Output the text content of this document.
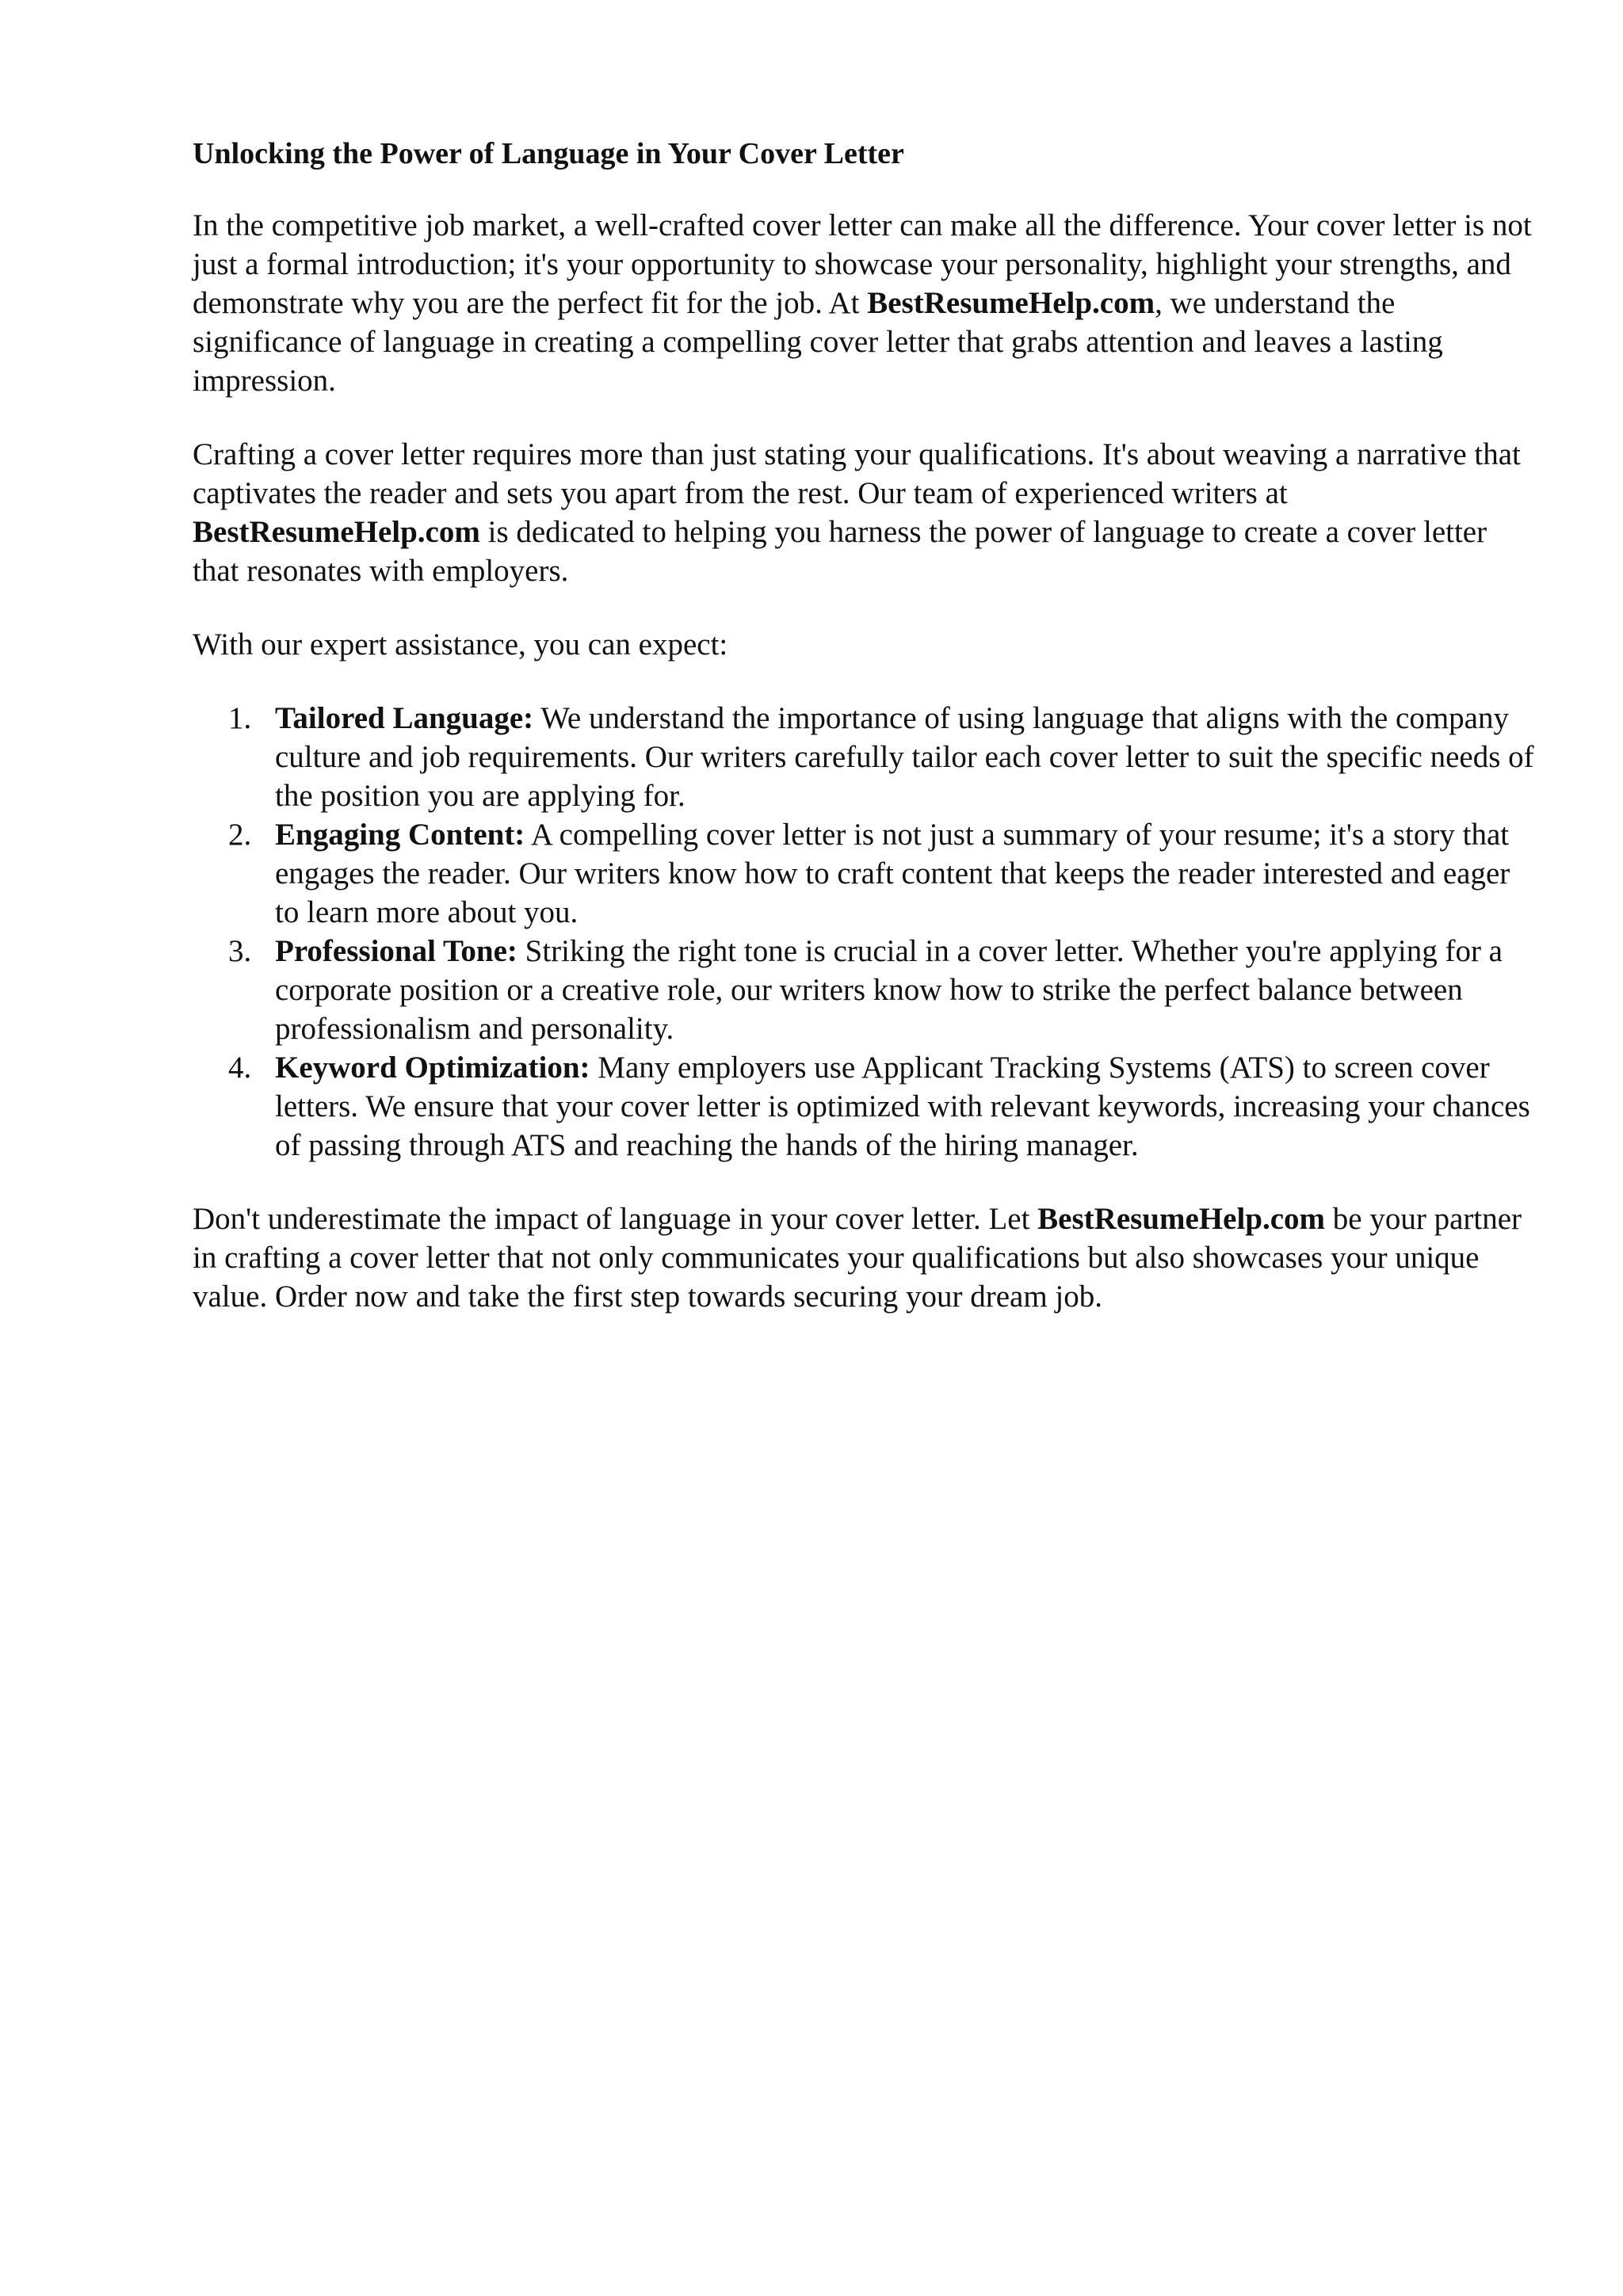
Unlocking the Power of Language in Your Cover Letter

In the competitive job market, a well-crafted cover letter can make all the difference. Your cover letter is not just a formal introduction; it's your opportunity to showcase your personality, highlight your strengths, and demonstrate why you are the perfect fit for the job. At BestResumeHelp.com, we understand the significance of language in creating a compelling cover letter that grabs attention and leaves a lasting impression.

Crafting a cover letter requires more than just stating your qualifications. It's about weaving a narrative that captivates the reader and sets you apart from the rest. Our team of experienced writers at BestResumeHelp.com is dedicated to helping you harness the power of language to create a cover letter that resonates with employers.

With our expert assistance, you can expect:

1. Tailored Language: We understand the importance of using language that aligns with the company culture and job requirements. Our writers carefully tailor each cover letter to suit the specific needs of the position you are applying for.
2. Engaging Content: A compelling cover letter is not just a summary of your resume; it's a story that engages the reader. Our writers know how to craft content that keeps the reader interested and eager to learn more about you.
3. Professional Tone: Striking the right tone is crucial in a cover letter. Whether you're applying for a corporate position or a creative role, our writers know how to strike the perfect balance between professionalism and personality.
4. Keyword Optimization: Many employers use Applicant Tracking Systems (ATS) to screen cover letters. We ensure that your cover letter is optimized with relevant keywords, increasing your chances of passing through ATS and reaching the hands of the hiring manager.

Don't underestimate the impact of language in your cover letter. Let BestResumeHelp.com be your partner in crafting a cover letter that not only communicates your qualifications but also showcases your unique value. Order now and take the first step towards securing your dream job.
